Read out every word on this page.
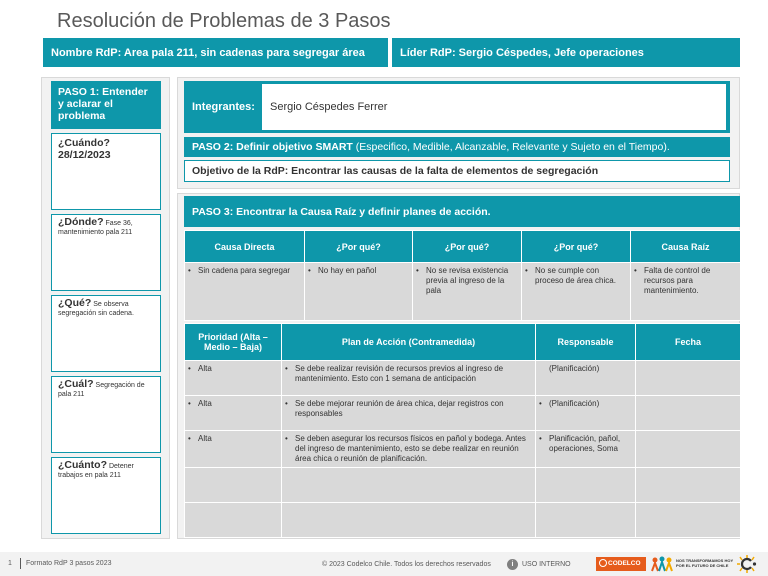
Resolución de Problemas de 3 Pasos
Nombre RdP: Area pala 211, sin cadenas para segregar área	Líder RdP: Sergio Céspedes, Jefe operaciones
PASO 1: Entender y aclarar el problema
¿Cuándo?
28/12/2023
¿Dónde? Fase 36, mantenimiento pala 211
¿Qué? Se observa segregación sin cadena.
¿Cuál? Segregación de pala 211
¿Cuánto? Detener trabajos en pala 211
Integrantes:	Sergio Céspedes Ferrer
PASO 2: Definir objetivo SMART (Especifico, Medible, Alcanzable, Relevante y Sujeto en el Tiempo).
Objetivo de la RdP: Encontrar las causas de la falta de elementos de segregación
PASO 3: Encontrar la Causa Raíz y definir planes de acción.
Causa Directa	¿Por qué?	¿Por qué?	¿Por qué?	Causa Raíz

• Sin cadena para segregar	• No hay en pañol	• No se revisa existencia previa al ingreso de la pala	• No se cumple con proceso de área chica.	• Falta de control de recursos para mantenimiento.
Prioridad (Alta – Medio – Baja)	Plan de Acción (Contramedida)	Responsable	Fecha

• Alta	• Se debe realizar revisión de recursos previos al ingreso de mantenimiento. Esto con 1 semana de anticipación	(Planificación)	

• Alta	• Se debe mejorar reunión de área chica, dejar registros con responsables	• (Planificación)	

• Alta	• Se deben asegurar los recursos físicos en pañol y bodega. Antes del ingreso de mantenimiento, esto se debe realizar en reunión área chica o reunión de planificación.	• Planificación, pañol, operaciones, Soma	

1 Formato RdP 3 pasos 2023	© 2023 Codelco Chile. Todos los derechos reservados	i	USO INTERNO	CODELCO	NOS TRANSFORMAMOS HOY
POR EL FUTURO DE CHILE
